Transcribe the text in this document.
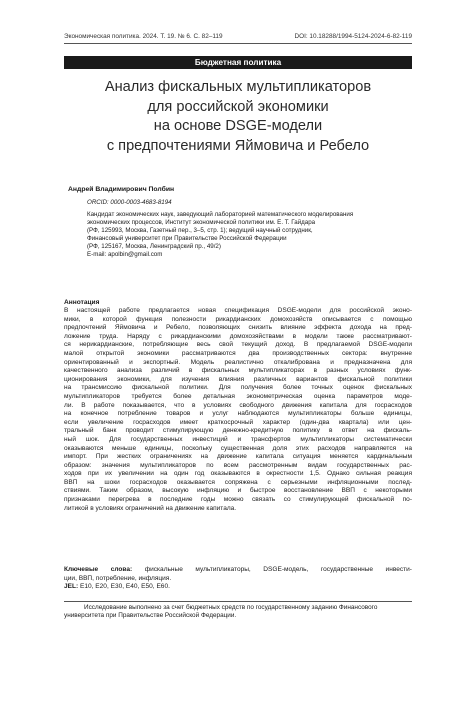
Экономическая политика. 2024. Т. 19. № 6. С. 82–119	DOI: 10.18288/1994-5124-2024-6-82-119
Бюджетная политика
Анализ фискальных мультипликаторов
для российской экономики
на основе DSGE-модели
с предпочтениями Яймовича и Ребело
Андрей Владимирович Полбин
ORCID: 0000-0003-4683-8194
Кандидат экономических наук, заведующий лабораторией математического моделирования
экономических процессов, Институт экономической политики им. Е. Т. Гайдара
(РФ, 125993, Москва, Газетный пер., 3–5, стр. 1); ведущий научный сотрудник,
Финансовый университет при Правительстве Российской Федерации
(РФ, 125167, Москва, Ленинградский пр., 49/2)
E-mail: apolbin@gmail.com
Аннотация
В настоящей работе предлагается новая спецификация DSGE-модели для российской эконо-
мики, в которой функция полезности рикардианских домохозяйств описывается с помощью
предпочтений Яймовича и Ребело, позволяющих снизить влияние эффекта дохода на пред-
ложение труда. Наряду с рикардианскими домохозяйствами в модели также рассматривают-
ся нерикардианские, потребляющие весь свой текущий доход. В предлагаемой DSGE-модели
малой открытой экономики рассматриваются два производственных сектора: внутренне
ориентированный и экспортный. Модель реалистично откалибрована и предназначена для
качественного анализа различий в фискальных мультипликаторах в разных условиях функ-
ционирования экономики, для изучения влияния различных вариантов фискальной политики
на трансмиссию фискальной политики. Для получения более точных оценок фискальных
мультипликаторов требуется более детальная эконометрическая оценка параметров моде-
ли. В работе показывается, что в условиях свободного движения капитала для госрасходов
на конечное потребление товаров и услуг наблюдаются мультипликаторы больше единицы,
если увеличение госрасходов имеет краткосрочный характер (один-два квартала) или цен-
тральный банк проводит стимулирующую денежно-кредитную политику в ответ на фискаль-
ный шок. Для государственных инвестиций и трансфертов мультипликаторы систематически
оказываются меньше единицы, поскольку существенная доля этих расходов направляется на
импорт. При жестких ограничениях на движение капитала ситуация меняется кардинальным
образом: значения мультипликаторов по всем рассмотренным видам государственных рас-
ходов при их увеличении на один год оказываются в окрестности 1,5. Однако сильная реакция
ВВП на шоки госрасходов оказывается сопряжена с серьезными инфляционными послед-
ствиями. Таким образом, высокую инфляцию и быстрое восстановление ВВП с некоторыми
признаками перегрева в последние годы можно связать со стимулирующей фискальной по-
литикой в условиях ограничений на движение капитала.
Ключевые слова: фискальные мультипликаторы, DSGE-модель, государственные инвести-
ции, ВВП, потребление, инфляция.
JEL: E10, E20, E30, E40, E50, E60.
Исследование выполнено за счет бюджетных средств по государственному заданию Финансового
университета при Правительстве Российской Федерации.
